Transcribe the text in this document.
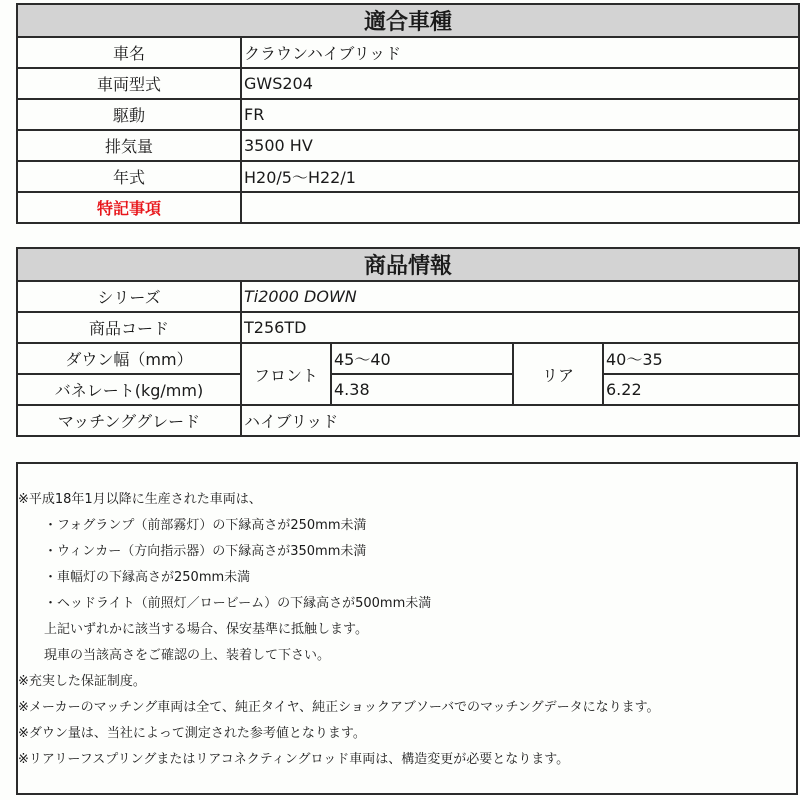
適合車種	
車名	クラウンハイブリッド
車両型式	GWS204
駆動	FR
排気量	3500 HV
年式	H20/5～H22/1
特記事項	
商品情報				
シリーズ	Ti2000 DOWN			
商品コード	T256TD			
ダウン幅（mm）	フロント	45～40	リア	40～35
バネレート(kg/mm)		4.38		6.22
マッチンググレード	ハイブリッド			
※平成18年1月以降に生産された車両は、
　　・フォグランプ（前部霧灯）の下縁高さが250mm未満
　　・ウィンカー（方向指示器）の下縁高さが350mm未満
　　・車幅灯の下縁高さが250mm未満
　　・ヘッドライト（前照灯／ロービーム）の下縁高さが500mm未満
　　上記いずれかに該当する場合、保安基準に抵触します。
　　現車の当該高さをご確認の上、装着して下さい。
※充実した保証制度。
※メーカーのマッチング車両は全て、純正タイヤ、純正ショックアブソーバでのマッチングデータになります。
※ダウン量は、当社によって測定された参考値となります。
※リアリーフスプリングまたはリアコネクティングロッド車両は、構造変更が必要となります。
